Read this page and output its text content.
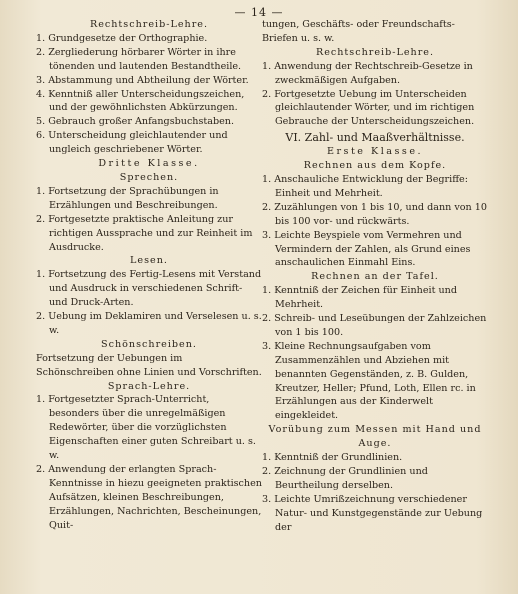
— 14 —
Rechtschreib-Lehre.
1. Grundgesetze der Orthographie.
2. Zergliederung hörbarer Wörter in ihre tönenden und lautenden Bestandtheile.
3. Abstammung und Abtheilung der Wörter.
4. Kenntniß aller Unterscheidungszeichen, und der gewöhnlichsten Abkürzungen.
5. Gebrauch großer Anfangsbuchstaben.
6. Unterscheidung gleichlautender und ungleich geschriebener Wörter.
Dritte Klasse.
Sprechen.
1. Fortsetzung der Sprachübungen in Erzählungen und Beschreibungen.
2. Fortgesetzte praktische Anleitung zur richtigen Aussprache und zur Reinheit im Ausdrucke.
Lesen.
1. Fortsetzung des Fertig-Lesens mit Verstand und Ausdruck in verschiedenen Schrift- und Druck-Arten.
2. Uebung im Deklamiren und Verselesen u. s. w.
Schönschreiben.
Fortsetzung der Uebungen im Schönschreiben ohne Linien und Vorschriften.
Sprach-Lehre.
1. Fortgesetzter Sprach-Unterricht, besonders über die unregelmäßigen Redewörter, über die vorzüglichsten Eigenschaften einer guten Schreibart u. s. w.
2. Anwendung der erlangten Sprach-Kenntnisse in hiezu geeigneten praktischen Aufsätzen, kleinen Beschreibungen, Erzählungen, Nachrichten, Bescheinungen, Quit-
tungen, Geschäfts- oder Freundschafts-Briefen u. s. w.
Rechtschreib-Lehre.
1. Anwendung der Rechtschreib-Gesetze in zweckmäßigen Aufgaben.
2. Fortgesetzte Uebung im Unterscheiden gleichlautender Wörter, und im richtigen Gebrauche der Unterscheidungszeichen.
VI. Zahl- und Maaßverhältnisse.
Erste Klasse.
Rechnen aus dem Kopfe.
1. Anschauliche Entwicklung der Begriffe: Einheit und Mehrheit.
2. Zuzählungen von 1 bis 10, und dann von 10 bis 100 vor- und rückwärts.
3. Leichte Beyspiele vom Vermehren und Vermindern der Zahlen, als Grund eines anschaulichen Einmahl Eins.
Rechnen an der Tafel.
1. Kenntniß der Zeichen für Einheit und Mehrheit.
2. Schreib- und Leseübungen der Zahlzeichen von 1 bis 100.
3. Kleine Rechnungsaufgaben vom Zusammenzählen und Abziehen mit benannten Gegenständen, z. B. Gulden, Kreutzer, Heller; Pfund, Loth, Ellen rc. in Erzählungen aus der Kinderwelt eingekleidet.
Vorübung zum Messen mit Hand und Auge.
1. Kenntniß der Grundlinien.
2. Zeichnung der Grundlinien und Beurtheilung derselben.
3. Leichte Umrißzeichnung verschiedener Natur- und Kunstgegenstände zur Uebung der
